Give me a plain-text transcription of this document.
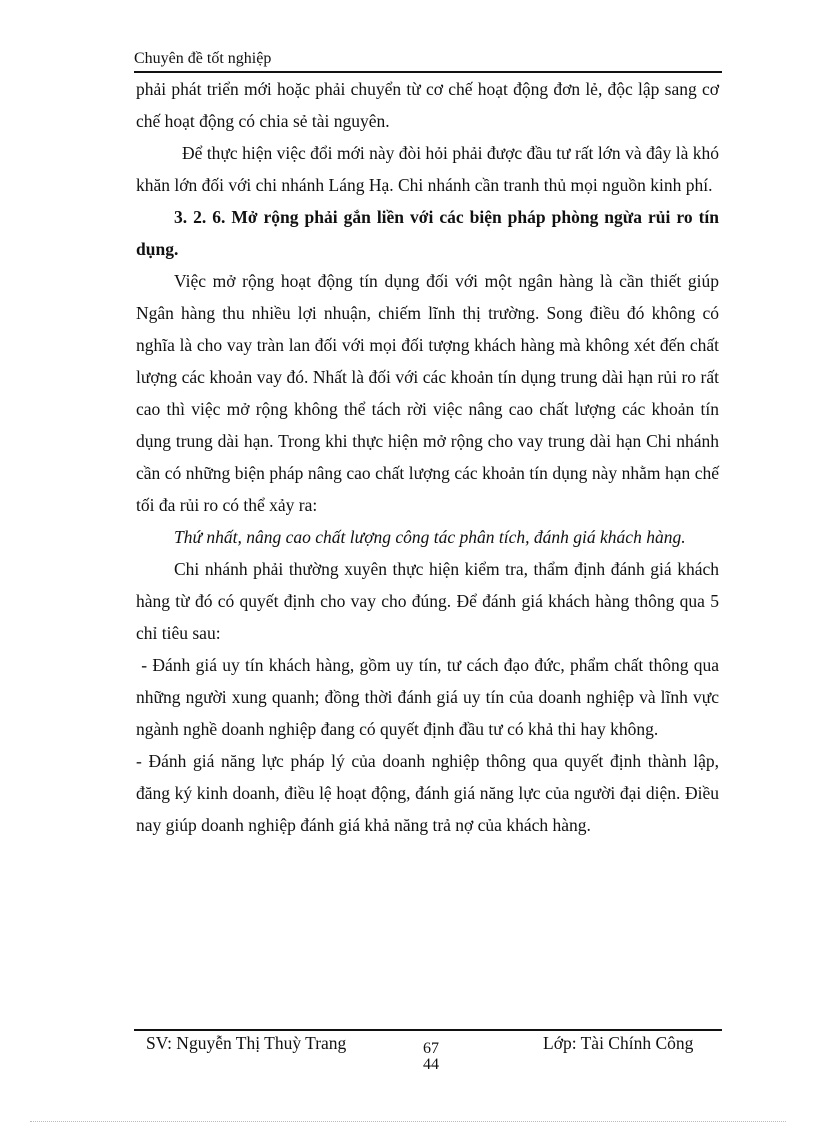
Chuyên đề tốt nghiệp

phải phát triển mới hoặc phải chuyển từ cơ chế hoạt động đơn lẻ, độc lập sang cơ chế hoạt động có chia sẻ tài nguyên.

Để thực hiện việc đổi mới này đòi hỏi phải được đầu tư rất lớn và đây là khó khăn lớn đối với chi nhánh Láng Hạ. Chi nhánh cần tranh thủ mọi nguồn kinh phí.

3. 2. 6. Mở rộng phải gắn liền với các biện pháp phòng ngừa rủi ro tín dụng.

Việc mở rộng hoạt động tín dụng đối với một ngân hàng là cần thiết giúp Ngân hàng thu nhiều lợi nhuận, chiếm lĩnh thị trường. Song điều đó không có nghĩa là cho vay tràn lan đối với mọi đối tượng khách hàng mà không xét đến chất lượng các khoản vay đó. Nhất là đối với các khoản tín dụng trung dài hạn rủi ro rất cao thì việc mở rộng không thể tách rời việc nâng cao chất lượng các khoản tín dụng trung dài hạn. Trong khi thực hiện mở rộng cho vay trung dài hạn Chi nhánh cần có những biện pháp nâng cao chất lượng các khoản tín dụng này nhằm hạn chế tối đa rủi ro có thể xảy ra:

Thứ nhất, nâng cao chất lượng công tác phân tích, đánh giá khách hàng.

Chi nhánh phải thường xuyên thực hiện kiểm tra, thẩm định đánh giá khách hàng từ đó có quyết định cho vay cho đúng. Để đánh giá khách hàng thông qua 5 chỉ tiêu sau:

- Đánh giá uy tín khách hàng, gồm uy tín, tư cách đạo đức, phẩm chất thông qua những người xung quanh; đồng thời đánh giá uy tín của doanh nghiệp và lĩnh vực ngành nghề doanh nghiệp đang có quyết định đầu tư có khả thi hay không.

- Đánh giá năng lực pháp lý của doanh nghiệp thông qua quyết định thành lập, đăng ký kinh doanh, điều lệ hoạt động, đánh giá năng lực của người đại diện. Điều nay giúp doanh nghiệp đánh giá khả năng trả nợ của khách hàng.

SV: Nguyễn Thị Thuỳ Trang	67
44
Lớp: Tài Chính Công
